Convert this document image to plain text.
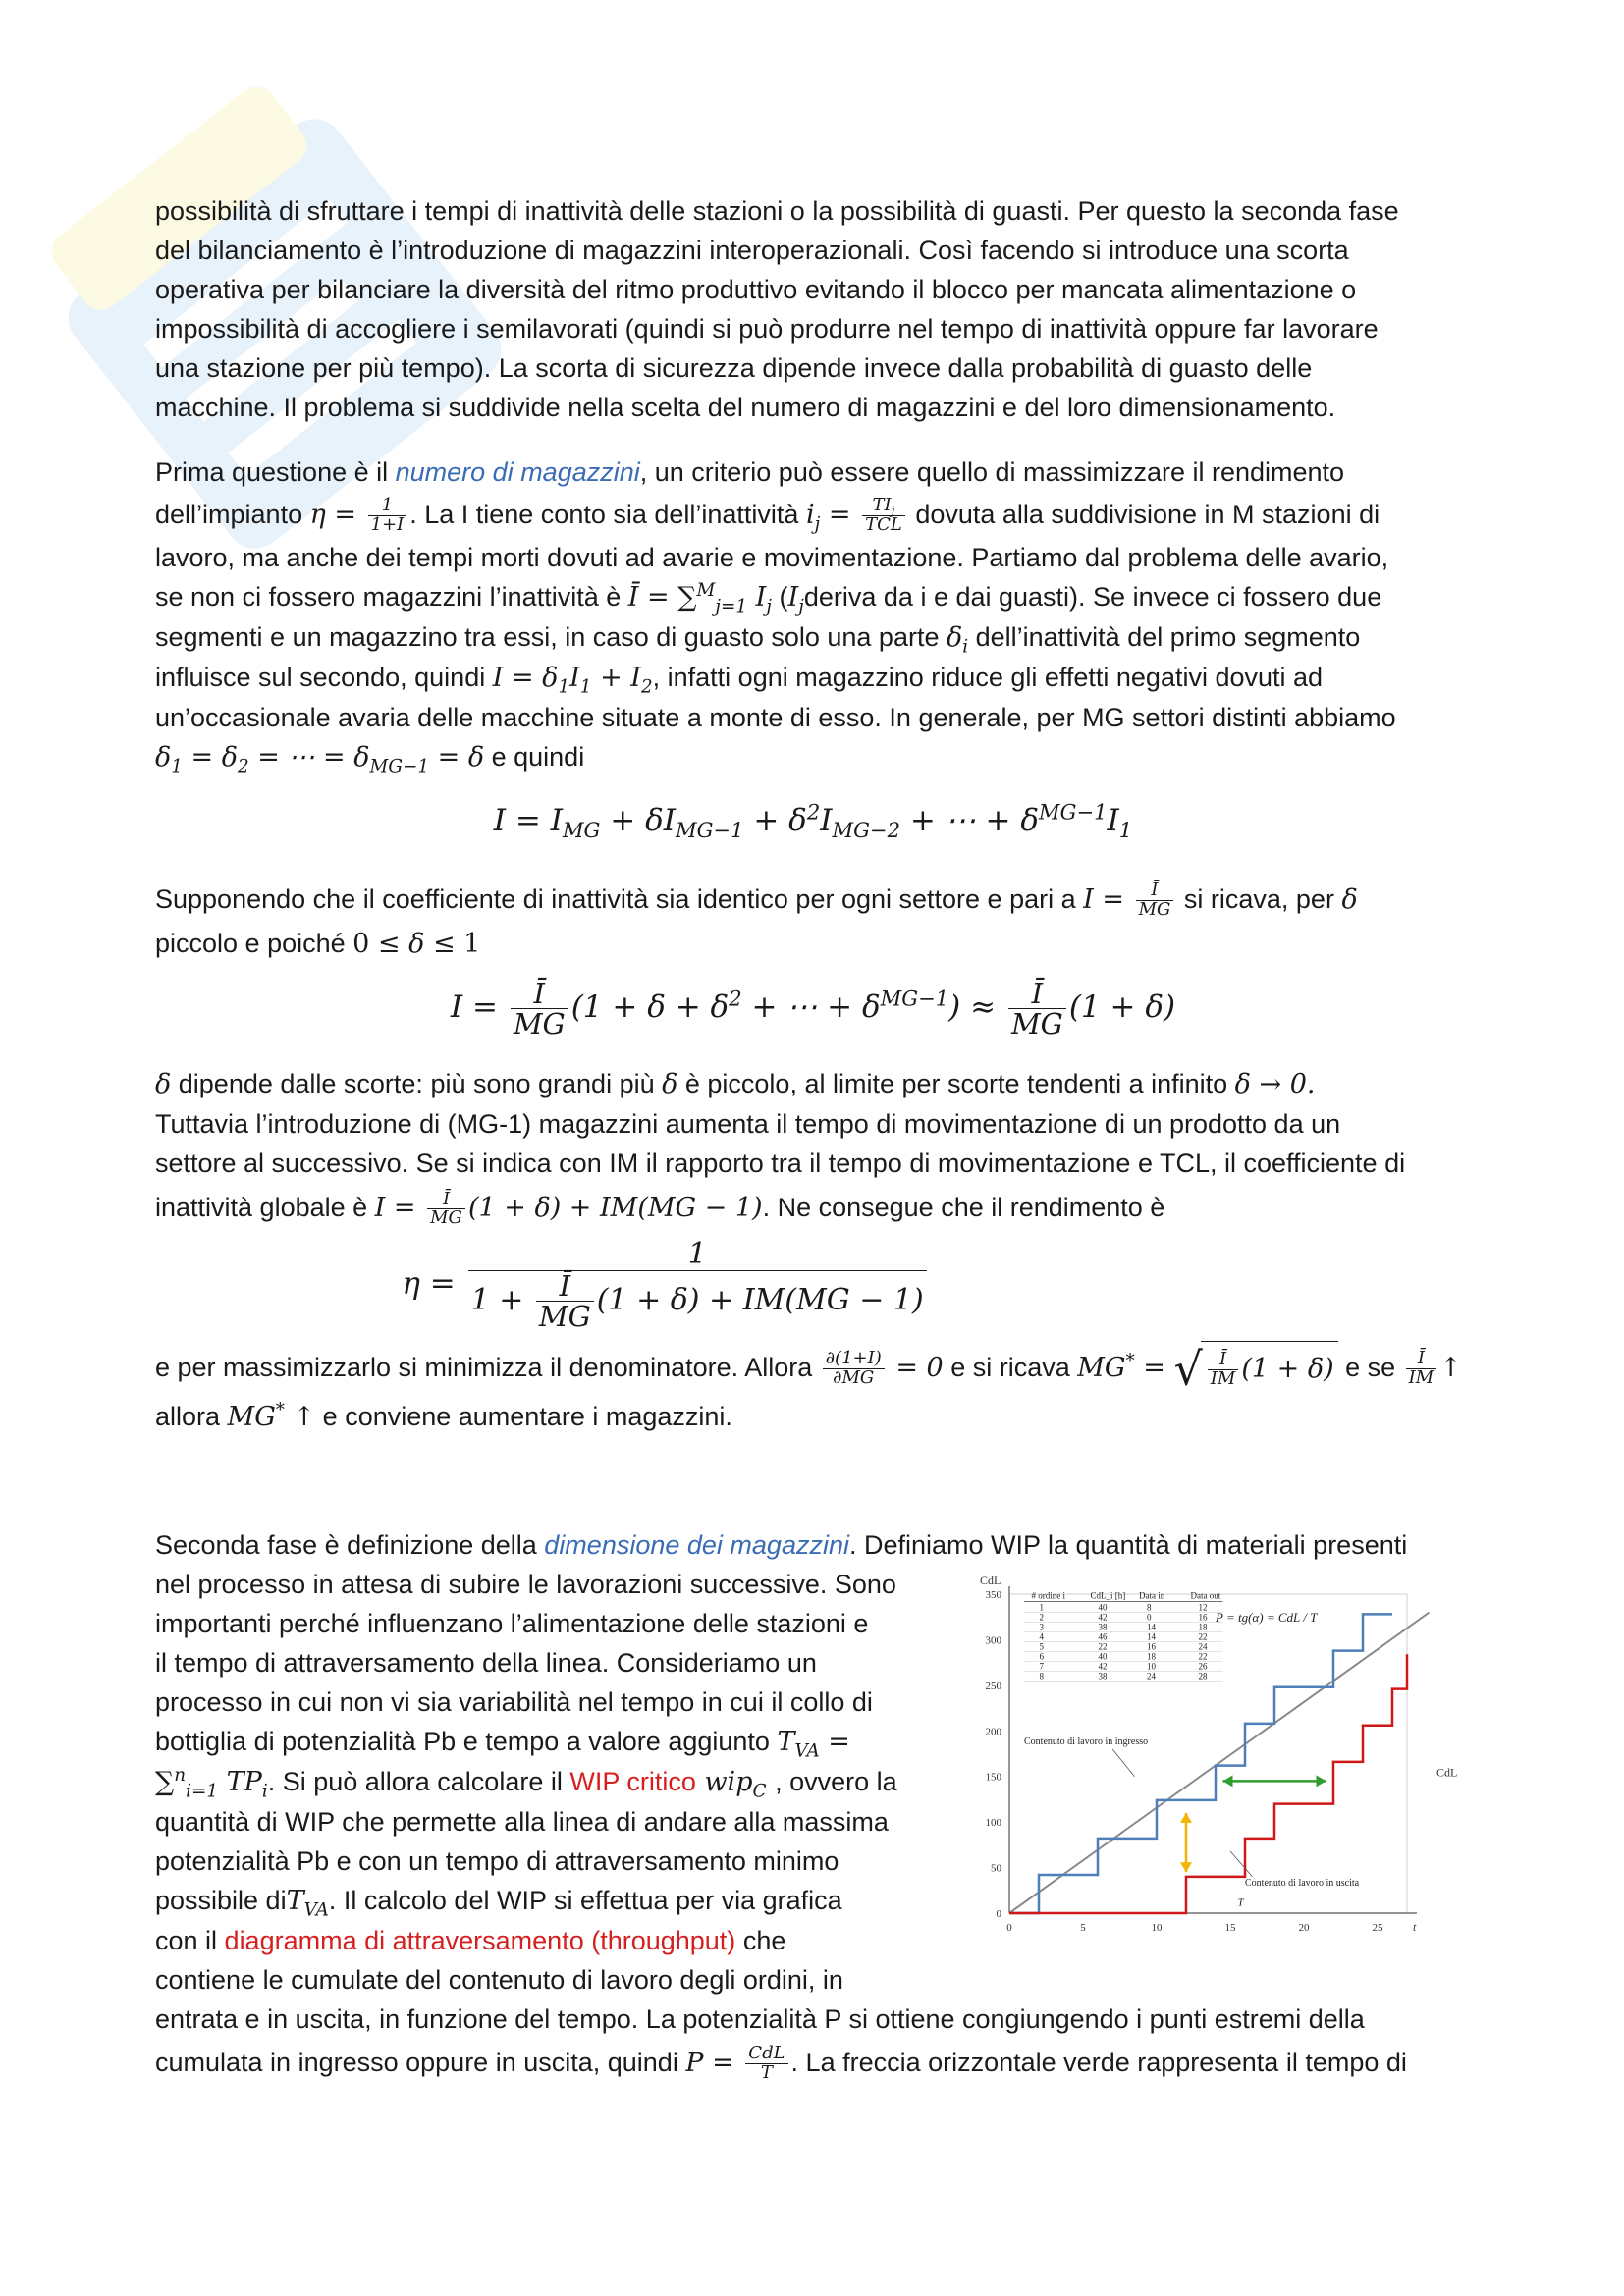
possibilità di sfruttare i tempi di inattività delle stazioni o la possibilità di guasti. Per questo la seconda fase

del bilanciamento è l’introduzione di magazzini interoperazionali. Così facendo si introduce una scorta

operativa per bilanciare la diversità del ritmo produttivo evitando il blocco per mancata alimentazione o

impossibilità di accogliere i semilavorati (quindi si può produrre nel tempo di inattività oppure far lavorare

una stazione per più tempo). La scorta di sicurezza dipende invece dalla probabilità di guasto delle

macchine. Il problema si suddivide nella scelta del numero di magazzini e del loro dimensionamento.

Prima questione è il numero di magazzini, un criterio può essere quello di massimizzare il rendimento

dell’impianto $\eta = \frac{1}{1+I}$ . La I tiene conto sia dell’inattività $i_j = \frac{TI_j}{\text{TCL}}$ dovuta alla suddivisione in M stazioni di

lavoro, ma anche dei tempi morti dovuti ad avarie e movimentazione. Partiamo dal problema delle avario,

se non ci fossero magazzini l’inattività è Ī = ∑$^M_{j=1}$ $I_j$ ($I_jderiva$ da i e dai guasti). Se invece ci fossero due

segmenti e un magazzino tra essi, in caso di guasto solo una parte $\delta_i$ dell’inattività del primo segmento

influisce sul secondo, quindi $I = \delta_1I_1 + I_2$, infatti ogni magazzino riduce gli effetti negativi dovuti ad

un’occasionale avaria delle macchine situate a monte di esso. In generale, per MG settori distinti abbiamo

$\delta_1 = \delta_2$ = ⋯ = $\delta_{MG-1} = \delta$ e quindi

$I = I_{MG} + \delta I_{MG-1} + \delta^2I_{MG-2}$ + ⋯ + $\delta^{MG-1}I_1$

Supponendo che il coefficiente di inattività sia identico per ogni settore e pari a $I = \frac{Ī}{MG}$ si ricava, per δ

piccolo e poiché 0 ≤ δ ≤ 1

$I = \frac{Ī}{MG} (1 + \delta + \delta^2$ + ⋯ + $\delta^{MG-1}) \approx \frac{Ī}{MG} (1 + \delta)$

δ dipende dalle scorte: più sono grandi più δ è piccolo, al limite per scorte tendenti a infinito δ → 0.

Tuttavia l’introduzione di (MG-1) magazzini aumenta il tempo di movimentazione di un prodotto da un

settore al successivo. Se si indica con IM il rapporto tra il tempo di movimentazione e TCL, il coefficiente di

inattività globale è $I = \frac{Ī}{MG} (1 + \delta) + IM(MG - 1)$. Ne consegue che il rendimento è

$\eta = \frac{1}{1 + \frac{Ī}{MG} (1 + \delta) + IM(MG - 1)}$

e per massimizzarlo si minimizza il denominatore. Allora $\frac{\partial(1+I)}{\partial MG} = 0$ e si ricava MG* = √ $\frac{Ī}{IM} (1 + \delta)$ e se $\frac{Ī}{IM}$ ↑

allora MG* ↑ e conviene aumentare i magazzini.

Seconda fase è definizione della dimensione dei magazzini. Definiamo WIP la quantità di materiali presenti

0
50
100
150
200
250
300
350
0	5	10	15	20	25	t
CdL
CdL
Contenuto di lavoro in ingresso
Contenuto di lavoro in uscita
T
P = tg(α) = CdL / T
# ordine i	CdL_i [h] Data in	Data out
1	40	8	12
2	42	0	16
3	38	14	18
4	46	14	22
5	22	16	24
6	40	18	22
7	42	10	26
8	38	24	28

nel processo in attesa di subire le lavorazioni successive. Sono

importanti perché influenzano l’alimentazione delle stazioni e

il tempo di attraversamento della linea. Consideriamo un

processo in cui non vi sia variabilità nel tempo in cui il collo di

bottiglia di potenzialità Pb e tempo a valore aggiunto $T_{VA}$ =

∑$^n_{i=1}$ $TP_i$. Si può allora calcolare il WIP critico wip$_C$ , ovvero la

quantità di WIP che permette alla linea di andare alla massima

potenzialità Pb e con un tempo di attraversamento minimo

possibile diT$_{VA}$. Il calcolo del WIP si effettua per via grafica

con il diagramma di attraversamento (throughput) che

contiene le cumulate del contenuto di lavoro degli ordini, in

entrata e in uscita, in funzione del tempo. La potenzialità P si ottiene congiungendo i punti estremi della

cumulata in ingresso oppure in uscita, quindi $P = \frac{\text{CdL}}{T}$ . La freccia orizzontale verde rappresenta il tempo di
